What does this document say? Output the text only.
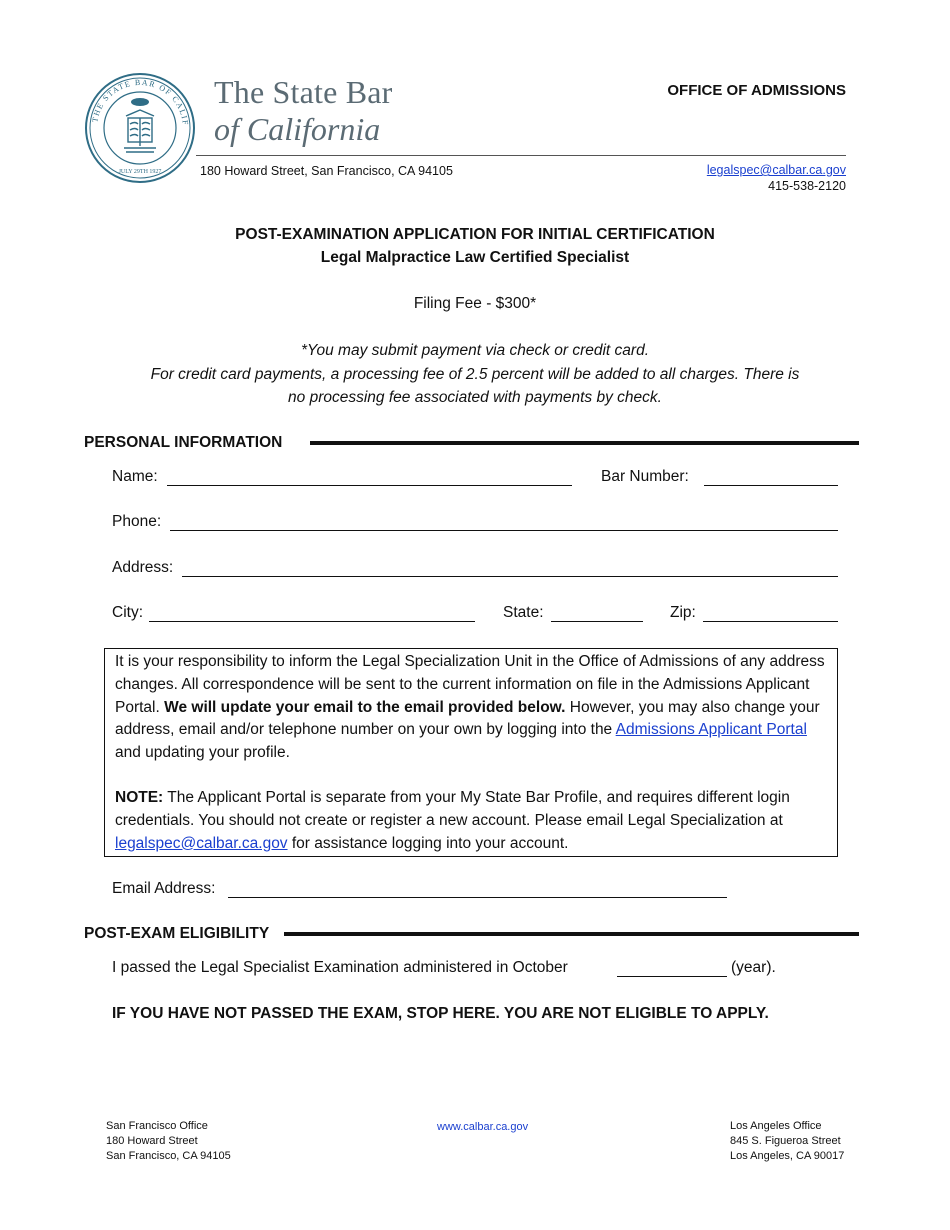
THE STATE BAR OF CALIF
JULY 29TH 1927
The State Bar
of California
OFFICE OF ADMISSIONS
180 Howard Street, San Francisco, CA 94105	legalspec@calbar.ca.gov
415-538-2120
POST-EXAMINATION APPLICATION FOR INITIAL CERTIFICATION
Legal Malpractice Law Certified Specialist
Filing Fee - $300*
*You may submit payment via check or credit card.
For credit card payments, a processing fee of 2.5 percent will be added to all charges. There is
no processing fee associated with payments by check.
PERSONAL INFORMATION
Name:	Bar Number:
Phone:
Address:
City:	State:	Zip:

It is your responsibility to inform the Legal Specialization Unit in the Office of Admissions of any address changes. All correspondence will be sent to the current information on file in the Admissions Applicant Portal. We will update your email to the email provided below. However, you may also change your address, email and/or telephone number on your own by logging into the Admissions Applicant Portal and updating your profile.

NOTE: The Applicant Portal is separate from your My State Bar Profile, and requires different login credentials. You should not create or register a new account. Please email Legal Specialization at legalspec@calbar.ca.gov for assistance logging into your account.

Email Address:
POST-EXAM ELIGIBILITY
I passed the Legal Specialist Examination administered in October	(year).
IF YOU HAVE NOT PASSED THE EXAM, STOP HERE. YOU ARE NOT ELIGIBLE TO APPLY.
San Francisco Office
180 Howard Street
San Francisco, CA 94105
www.calbar.ca.gov	Los Angeles Office
845 S. Figueroa Street
Los Angeles, CA 90017
